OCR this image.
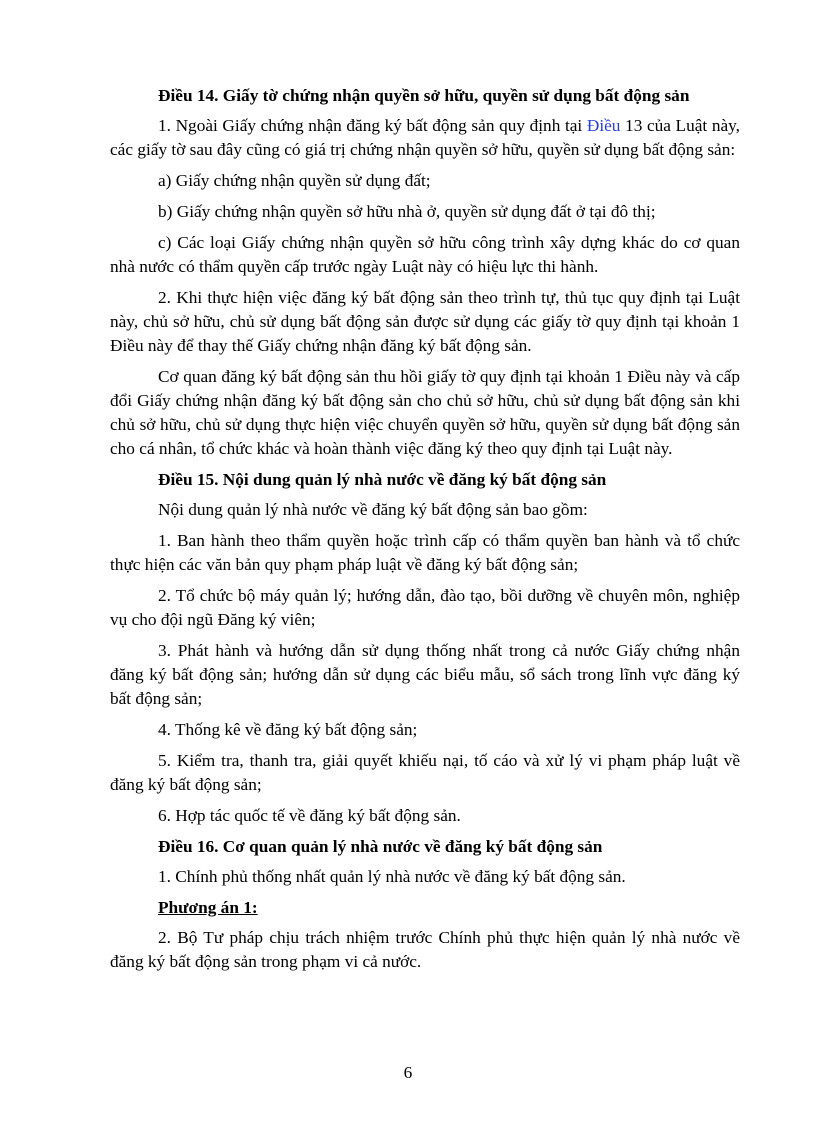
Điều 14. Giấy tờ chứng nhận quyền sở hữu, quyền sử dụng bất động sản

1. Ngoài Giấy chứng nhận đăng ký bất động sản quy định tại Điều 13 của Luật này, các giấy tờ sau đây cũng có giá trị chứng nhận quyền sở hữu, quyền sử dụng bất động sản:

a) Giấy chứng nhận quyền sử dụng đất;

b) Giấy chứng nhận quyền sở hữu nhà ở, quyền sử dụng đất ở tại đô thị;

c) Các loại Giấy chứng nhận quyền sở hữu công trình xây dựng khác do cơ quan nhà nước có thẩm quyền cấp trước ngày Luật này có hiệu lực thi hành.

2. Khi thực hiện việc đăng ký bất động sản theo trình tự, thủ tục quy định tại Luật này, chủ sở hữu, chủ sử dụng bất động sản được sử dụng các giấy tờ quy định tại khoản 1 Điều này để thay thế Giấy chứng nhận đăng ký bất động sản.

Cơ quan đăng ký bất động sản thu hồi giấy tờ quy định tại khoản 1 Điều này và cấp đổi Giấy chứng nhận đăng ký bất động sản cho chủ sở hữu, chủ sử dụng bất động sản khi chủ sở hữu, chủ sử dụng thực hiện việc chuyển quyền sở hữu, quyền sử dụng bất động sản cho cá nhân, tổ chức khác và hoàn thành việc đăng ký theo quy định tại Luật này.

Điều 15. Nội dung quản lý nhà nước về đăng ký bất động sản

Nội dung quản lý nhà nước về đăng ký bất động sản bao gồm:

1. Ban hành theo thẩm quyền hoặc trình cấp có thẩm quyền ban hành và tổ chức thực hiện các văn bản quy phạm pháp luật về đăng ký bất động sản;

2. Tổ chức bộ máy quản lý; hướng dẫn, đào tạo, bồi dưỡng về chuyên môn, nghiệp vụ cho đội ngũ Đăng ký viên;

3. Phát hành và hướng dẫn sử dụng thống nhất trong cả nước Giấy chứng nhận đăng ký bất động sản; hướng dẫn sử dụng các biểu mẫu, sổ sách trong lĩnh vực đăng ký bất động sản;

4. Thống kê về đăng ký bất động sản;

5. Kiểm tra, thanh tra, giải quyết khiếu nại, tố cáo và xử lý vi phạm pháp luật về đăng ký bất động sản;

6. Hợp tác quốc tế về đăng ký bất động sản.

Điều 16. Cơ quan quản lý nhà nước về đăng ký bất động sản

1. Chính phủ thống nhất quản lý nhà nước về đăng ký bất động sản.

Phương án 1:

2. Bộ Tư pháp chịu trách nhiệm trước Chính phủ thực hiện quản lý nhà nước về đăng ký bất động sản trong phạm vi cả nước.

6
